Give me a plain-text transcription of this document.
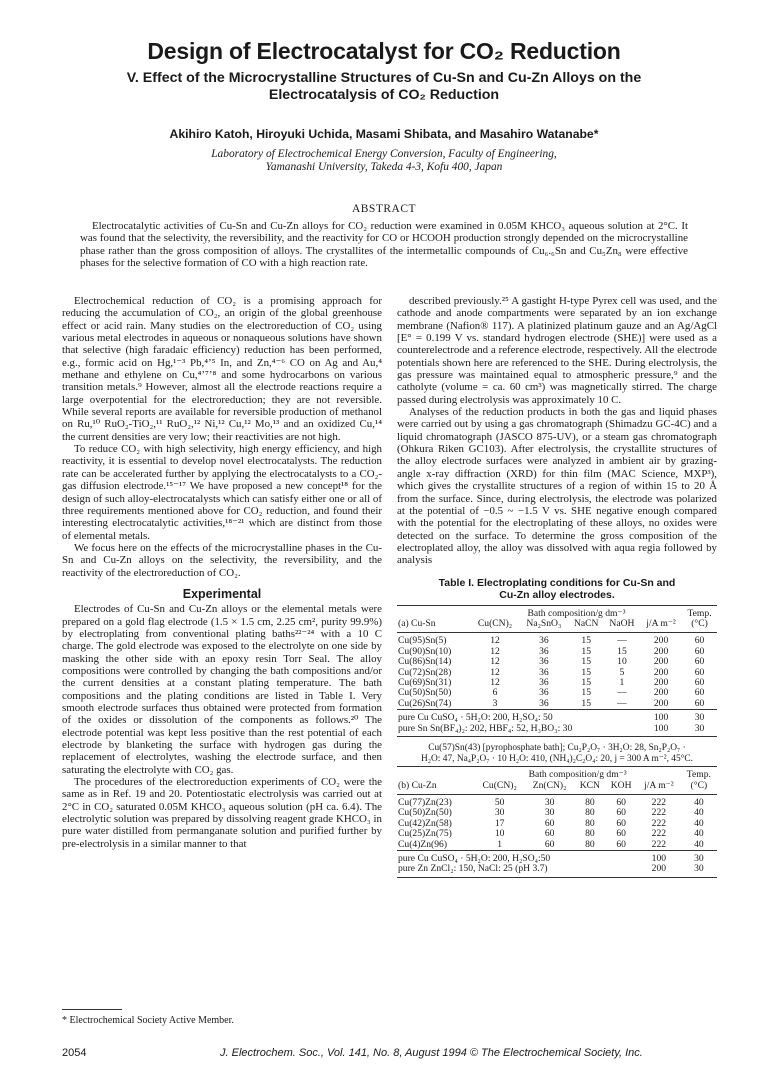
Design of Electrocatalyst for CO₂ Reduction
V. Effect of the Microcrystalline Structures of Cu-Sn and Cu-Zn Alloys on the Electrocatalysis of CO₂ Reduction
Akihiro Katoh, Hiroyuki Uchida, Masami Shibata, and Masahiro Watanabe*
Laboratory of Electrochemical Energy Conversion, Faculty of Engineering,
Yamanashi University, Takeda 4-3, Kofu 400, Japan
ABSTRACT
Electrocatalytic activities of Cu-Sn and Cu-Zn alloys for CO₂ reduction were examined in 0.05M KHCO₃ aqueous solution at 2°C. It was found that the selectivity, the reversibility, and the reactivity for CO or HCOOH production strongly depended on the microcrystalline phase rather than the gross composition of alloys. The crystallites of the intermetallic compounds of Cu₆.₆Sn and Cu₅Zn₈ were effective phases for the selective formation of CO with a high reaction rate.

Electrochemical reduction of CO₂ is a promising approach for reducing the accumulation of CO₂, an origin of the global greenhouse effect or acid rain. Many studies on the electroreduction of CO₂ using various metal electrodes in aqueous or nonaqueous solutions have shown that selective (high faradaic efficiency) reduction has been performed, e.g., formic acid on Hg,¹⁻³ Pb,⁴ʼ⁵ In, and Zn,⁴⁻⁶ CO on Ag and Au,⁴ methane and ethylene on Cu,⁴ʼ⁷ʼ⁸ and some hydrocarbons on various transition metals.⁹ However, almost all the electrode reactions require a large overpotential for the electroreduction; they are not reversible. While several reports are available for reversible production of methanol on Ru,¹⁰ RuO₂-TiO₂,¹¹ RuO₂,¹² Ni,¹² Cu,¹² Mo,¹³ and an oxidized Cu,¹⁴ the current densities are very low; their reactivities are not high.

To reduce CO₂ with high selectivity, high energy efficiency, and high reactivity, it is essential to develop novel electrocatalysts. The reduction rate can be accelerated further by applying the electrocatalysts to a CO₂-gas diffusion electrode.¹⁵⁻¹⁷ We have proposed a new concept¹⁸ for the design of such alloy-electrocatalysts which can satisfy either one or all of three requirements mentioned above for CO₂ reduction, and found their interesting electrocatalytic activities,¹⁸⁻²¹ which are distinct from those of elemental metals.

We focus here on the effects of the microcrystalline phases in the Cu-Sn and Cu-Zn alloys on the selectivity, the reversibility, and the reactivity of the electroreduction of CO₂.

Experimental

Electrodes of Cu-Sn and Cu-Zn alloys or the elemental metals were prepared on a gold flag electrode (1.5 × 1.5 cm, 2.25 cm², purity 99.9%) by electroplating from conventional plating baths²²⁻²⁴ with a 10 C charge. The gold electrode was exposed to the electrolyte on one side by masking the other side with an epoxy resin Torr Seal. The alloy compositions were controlled by changing the bath compositions and/or the current densities at a constant plating temperature. The bath compositions and the plating conditions are listed in Table I. Very smooth electrode surfaces thus obtained were protected from formation of the oxides or dissolution of the components as follows.²⁰ The electrode potential was kept less positive than the rest potential of each electrode by blanketing the surface with hydrogen gas during the replacement of electrolytes, washing the electrode surface, and then saturating the electrolyte with CO₂ gas.

The procedures of the electroreduction experiments of CO₂ were the same as in Ref. 19 and 20. Potentiostatic electrolysis was carried out at 2°C in CO₂ saturated 0.05M KHCO₃ aqueous solution (pH ca. 6.4). The electrolytic solution was prepared by dissolving reagent grade KHCO₃ in pure water distilled from permanganate solution and purified further by pre-electrolysis in a similar manner to that

described previously.²⁵ A gastight H-type Pyrex cell was used, and the cathode and anode compartments were separated by an ion exchange membrane (Nafion® 117). A platinized platinum gauze and an Ag/AgCl [E° = 0.199 V vs. standard hydrogen electrode (SHE)] were used as a counterelectrode and a reference electrode, respectively. All the electrode potentials shown here are referenced to the SHE. During electrolysis, the gas pressure was maintained equal to atmospheric pressure,⁹ and the catholyte (volume = ca. 60 cm³) was magnetically stirred. The charge passed during electrolysis was approximately 10 C.

Analyses of the reduction products in both the gas and liquid phases were carried out by using a gas chromatograph (Shimadzu GC-4C) and a liquid chromatograph (JASCO 875-UV), or a steam gas chromatograph (Ohkura Riken GC103). After electrolysis, the crystallite structures of the alloy electrode surfaces were analyzed in ambient air by grazing-angle x-ray diffraction (XRD) for thin film (MAC Science, MXP³), which gives the crystallite structures of a region of within 15 to 20 Å from the surface. Since, during electrolysis, the electrode was polarized at the potential of −0.5 ~ −1.5 V vs. SHE negative enough compared with the potential for the electroplating of these alloys, no oxides were detected on the surface. To determine the gross composition of the electroplated alloy, the alloy was dissolved with aqua regia followed by analysis

Table I. Electroplating conditions for Cu-Sn and
Cu-Zn alloy electrodes.
	Bath composition/g dm⁻³					Temp.
(a) Cu-Sn	Cu(CN)₂	Na₂SnO₃	NaCN	NaOH	j/A m⁻²	(°C)
Cu(95)Sn(5)	12	36	15	—	200	60
Cu(90)Sn(10)	12	36	15	15	200	60
Cu(86)Sn(14)	12	36	15	10	200	60
Cu(72)Sn(28)	12	36	15	5	200	60
Cu(69)Sn(31)	12	36	15	1	200	60
Cu(50)Sn(50)	6	36	15	—	200	60
Cu(26)Sn(74)	3	36	15	—	200	60
pure Cu CuSO₄ · 5H₂O: 200, H₂SO₄: 50					100	30
pure Sn Sn(BF₄)₂: 202, HBF₄: 52, H₃BO₃: 30					100	30
Cu(57)Sn(43) [pyrophosphate bath]; Cu₂P₂O₇ · 3H₂O: 28, Sn₂P₂O₇ ·
H₂O: 47, Na₄P₂O₇ · 10 H₂O: 410, (NH₄)₂C₂O₄: 20, j = 300 A m⁻², 45°C.
	Bath composition/g dm⁻³					Temp.
(b) Cu-Zn	Cu(CN)₂	Zn(CN)₂	KCN	KOH	j/A m⁻²	(°C)
Cu(77)Zn(23)	50	30	80	60	222	40
Cu(50)Zn(50)	30	30	80	60	222	40
Cu(42)Zn(58)	17	60	80	60	222	40
Cu(25)Zn(75)	10	60	80	60	222	40
Cu(4)Zn(96)	1	60	80	60	222	40
pure Cu CuSO₄ · 5H₂O: 200, H₂SO₄:50					100	30
pure Zn ZnCl₂: 150, NaCl: 25 (pH 3.7)					200	30
* Electrochemical Society Active Member.
2054	J. Electrochem. Soc., Vol. 141, No. 8, August 1994 © The Electrochemical Society, Inc.
